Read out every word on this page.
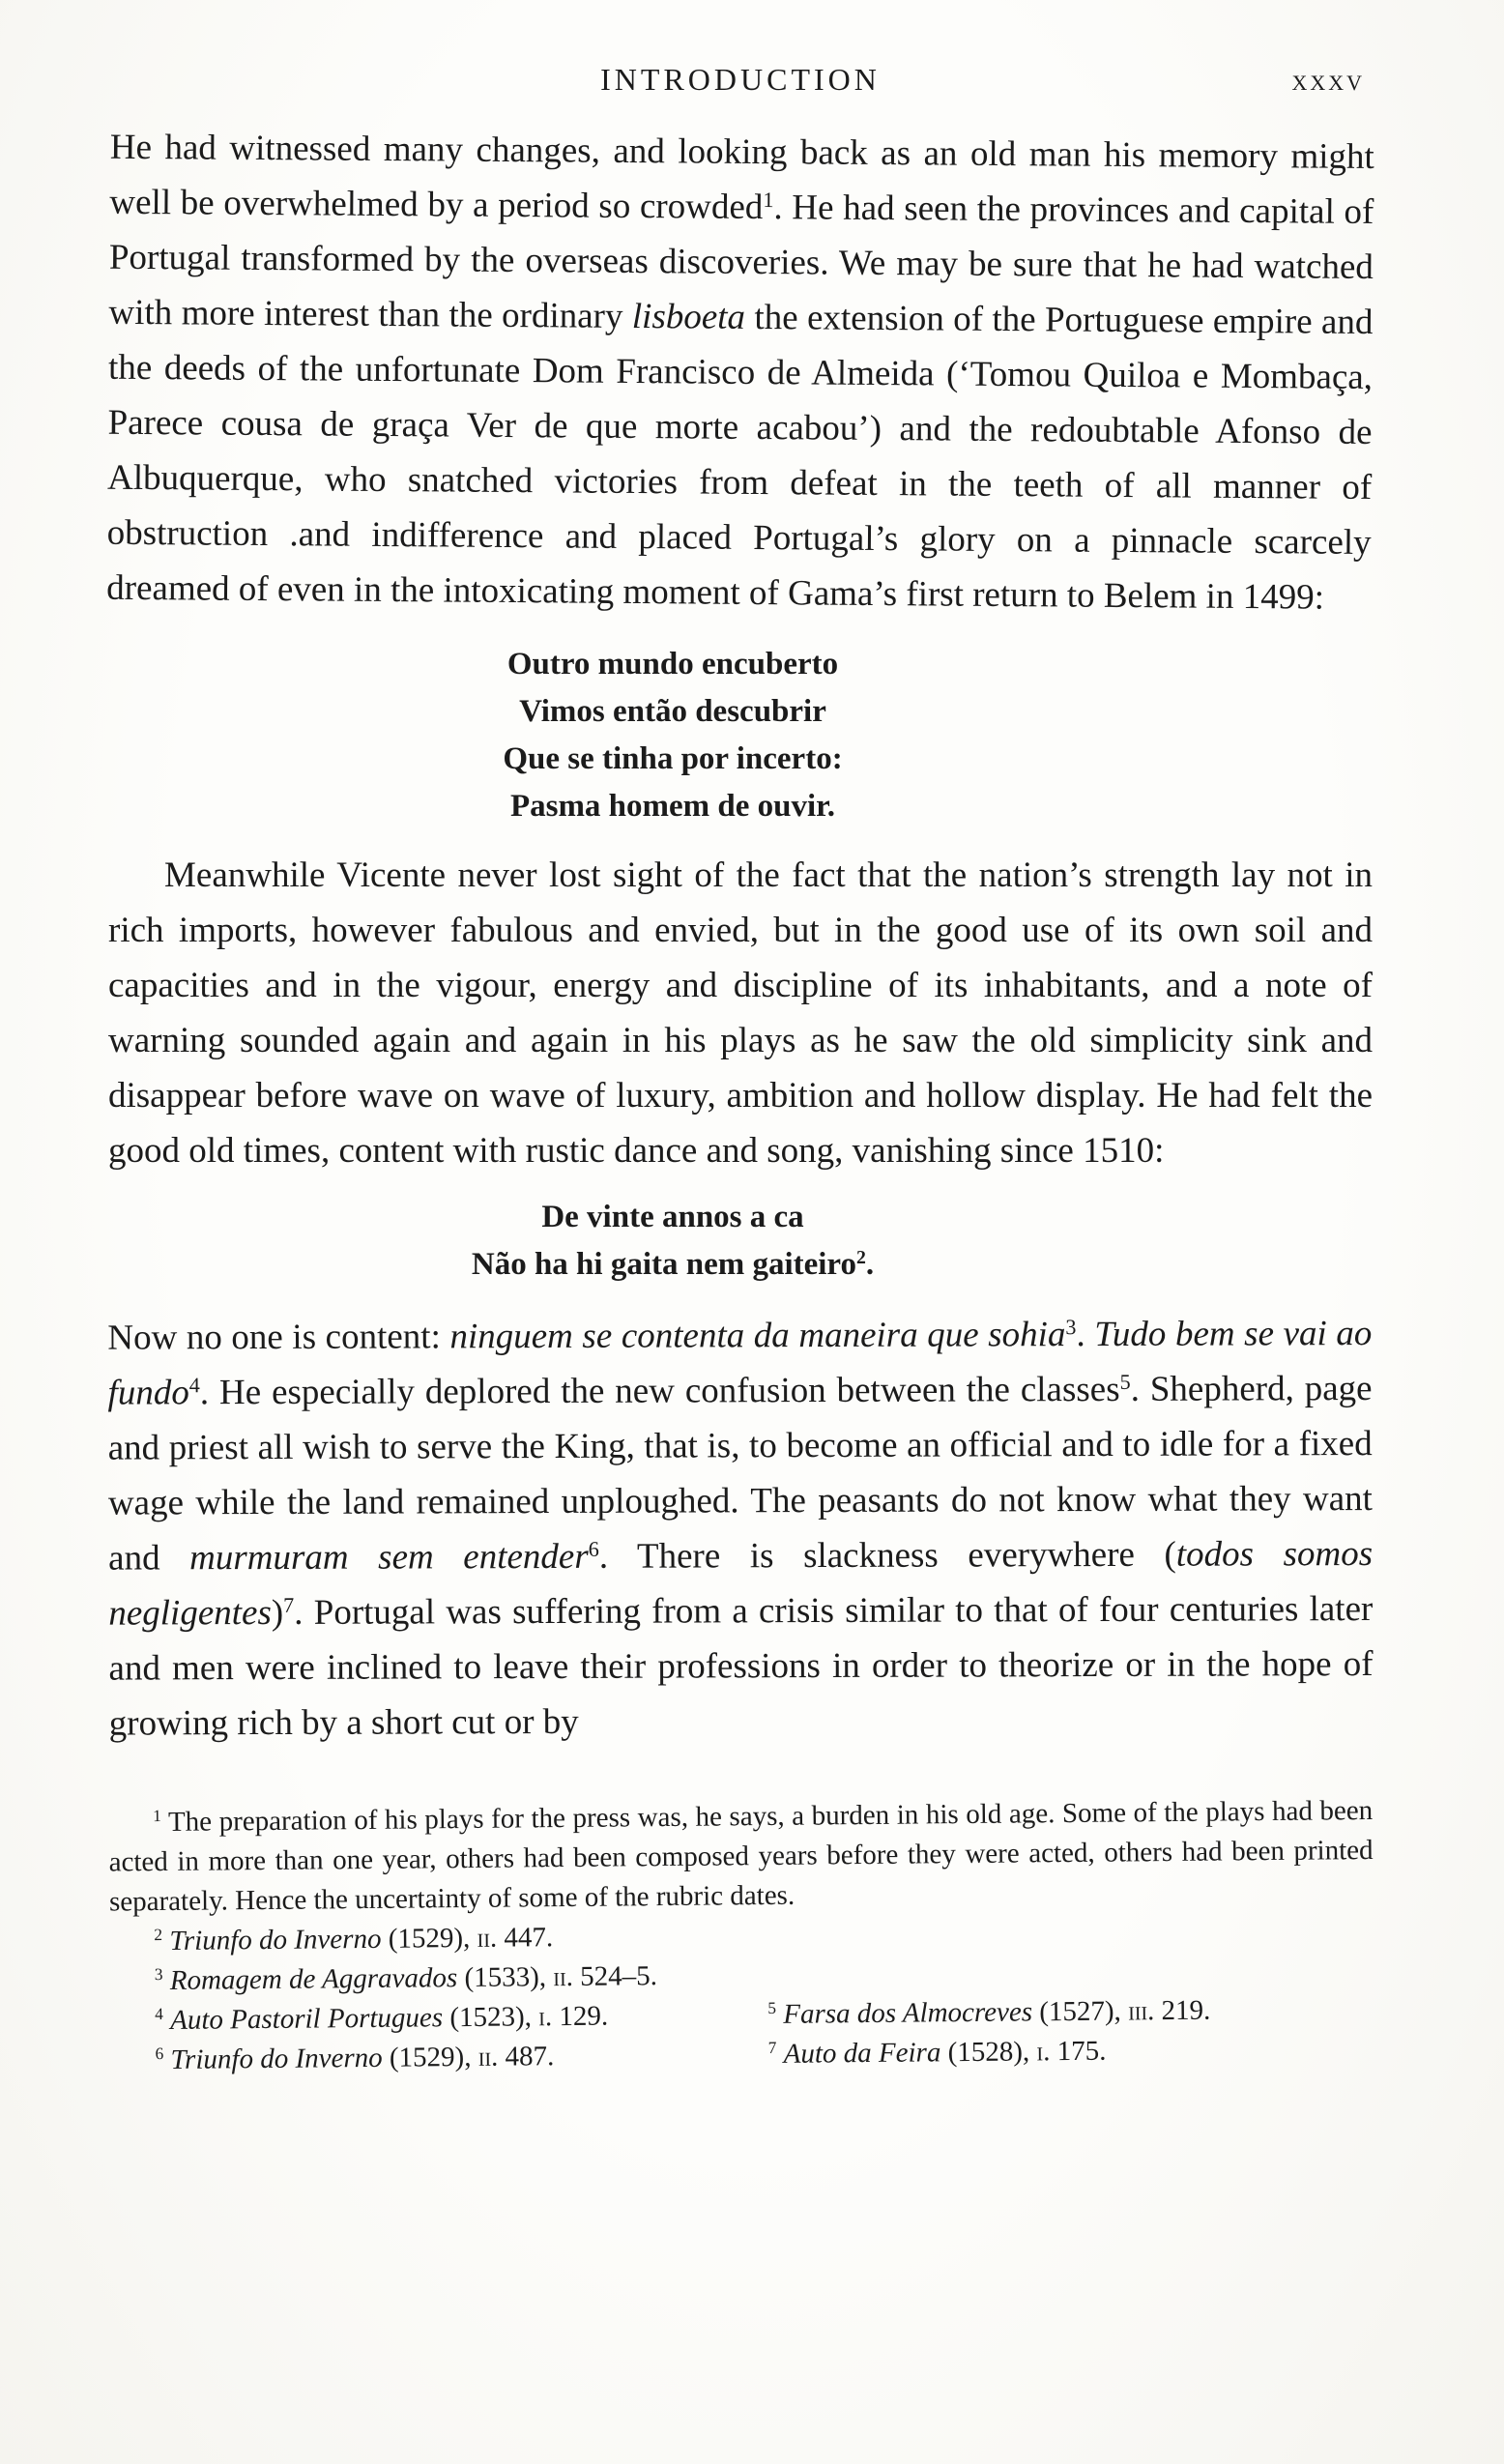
INTRODUCTION	xxxv

He had witnessed many changes, and looking back as an old man his memory might well be overwhelmed by a period so crowded$^1$. He had seen the provinces and capital of Portugal transformed by the overseas discoveries. We may be sure that he had watched with more interest than the ordinary lisboeta the extension of the Portuguese empire and the deeds of the unfortunate Dom Francisco de Almeida (‘Tomou Quiloa e Mombaça, Parece cousa de graça Ver de que morte acabou’) and the redoubtable Afonso de Albuquerque, who snatched victories from defeat in the teeth of all manner of obstruction .and indifference and placed Portugal’s glory on a pinnacle scarcely dreamed of even in the intoxicating moment of Gama’s first return to Belem in 1499:

Outro mundo encuberto
Vimos então descubrir
Que se tinha por incerto:
Pasma homem de ouvir.

Meanwhile Vicente never lost sight of the fact that the nation’s strength lay not in rich imports, however fabulous and envied, but in the good use of its own soil and capacities and in the vigour, energy and discipline of its inhabitants, and a note of warning sounded again and again in his plays as he saw the old simplicity sink and disappear before wave on wave of luxury, ambition and hollow display. He had felt the good old times, content with rustic dance and song, vanishing since 1510:

De vinte annos a ca
Não ha hi gaita nem gaiteiro$^2$.

Now no one is content: ninguem se contenta da maneira que sohia$^3$. Tudo bem se vai ao fundo$^4$. He especially deplored the new confusion between the classes$^5$. Shepherd, page and priest all wish to serve the King, that is, to become an official and to idle for a fixed wage while the land remained unploughed. The peasants do not know what they want and murmuram sem entender$^6$. There is slackness everywhere (todos somos negligentes)$^7$. Portugal was suffering from a crisis similar to that of four centuries later and men were inclined to leave their professions in order to theorize or in the hope of growing rich by a short cut or by

$^1$ The preparation of his plays for the press was, he says, a burden in his old age. Some of the plays had been acted in more than one year, others had been composed years before they were acted, others had been printed separately. Hence the uncertainty of some of the rubric dates.

$^2$ Triunfo do Inverno (1529), ii. 447.

$^3$ Romagem de Aggravados (1533), ii. 524–5.

$^4$ Auto Pastoril Portugues (1523), i. 129.	$^5$ Farsa dos Almocreves (1527), iii. 219.

$^6$ Triunfo do Inverno (1529), ii. 487.	$^7$ Auto da Feira (1528), i. 175.
